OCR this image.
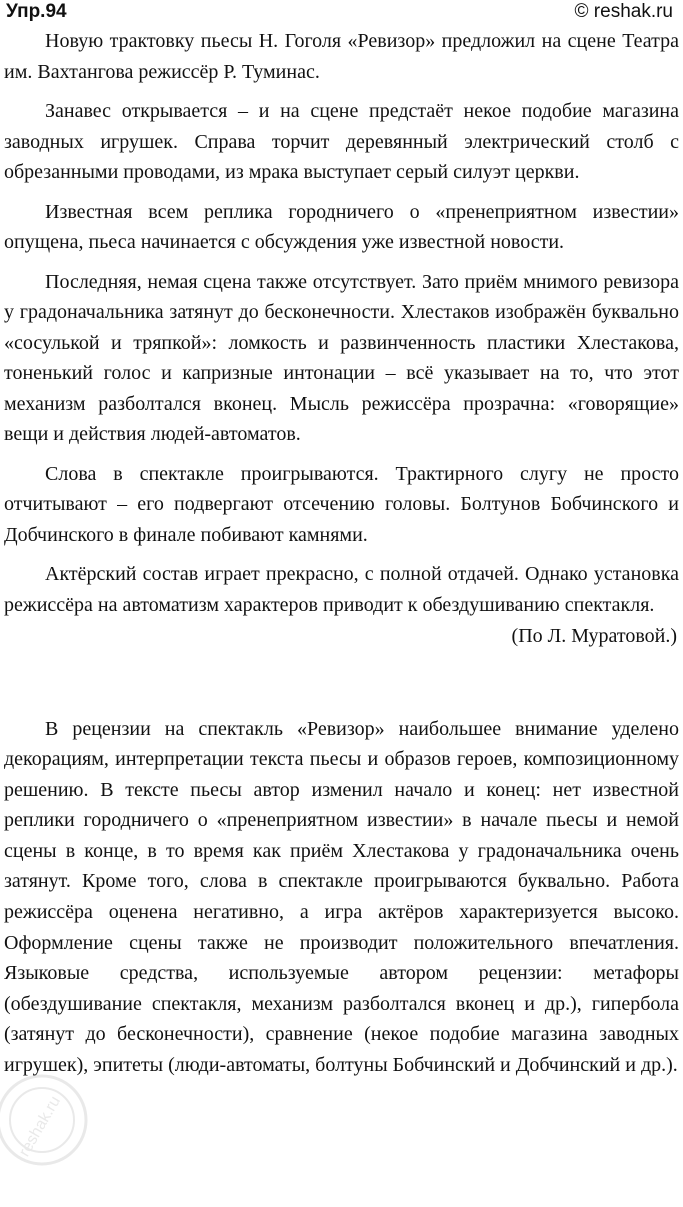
Упр.94	© reshak.ru

Новую трактовку пьесы Н. Гоголя «Ревизор» предложил на сцене Театра им. Вахтангова режиссёр Р. Туминас.

Занавес открывается – и на сцене предстаёт некое подобие магазина заводных игрушек. Справа торчит деревянный электрический столб с обрезанными проводами, из мрака выступает серый силуэт церкви.

Известная всем реплика городничего о «пренеприятном известии» опущена, пьеса начинается с обсуждения уже известной новости.

Последняя, немая сцена также отсутствует. Зато приём мнимого ревизора у градоначальника затянут до бесконечности. Хлестаков изображён буквально «сосулькой и тряпкой»: ломкость и развинченность пластики Хлестакова, тоненький голос и капризные интонации – всё указывает на то, что этот механизм разболтался вконец. Мысль режиссёра прозрачна: «говорящие» вещи и действия людей-автоматов.

Слова в спектакле проигрываются. Трактирного слугу не просто отчитывают – его подвергают отсечению головы. Болтунов Бобчинского и Добчинского в финале побивают камнями.

Актёрский состав играет прекрасно, с полной отдачей. Однако установка режиссёра на автоматизм характеров приводит к обездушиванию спектакля.

(По Л. Муратовой.)

В рецензии на спектакль «Ревизор» наибольшее внимание уделено декорациям, интерпретации текста пьесы и образов героев, композиционному решению. В тексте пьесы автор изменил начало и конец: нет известной реплики городничего о «пренеприятном известии» в начале пьесы и немой сцены в конце, в то время как приём Хлестакова у градоначальника очень затянут. Кроме того, слова в спектакле проигрываются буквально. Работа режиссёра оценена негативно, а игра актёров характеризуется высоко. Оформление сцены также не производит положительного впечатления. Языковые средства, используемые автором рецензии: метафоры (обездушивание спектакля, механизм разболтался вконец и др.), гипербола (затянут до бесконечности), сравнение (некое подобие магазина заводных игрушек), эпитеты (люди-автоматы, болтуны Бобчинский и Добчинский и др.).

reshak.ru
